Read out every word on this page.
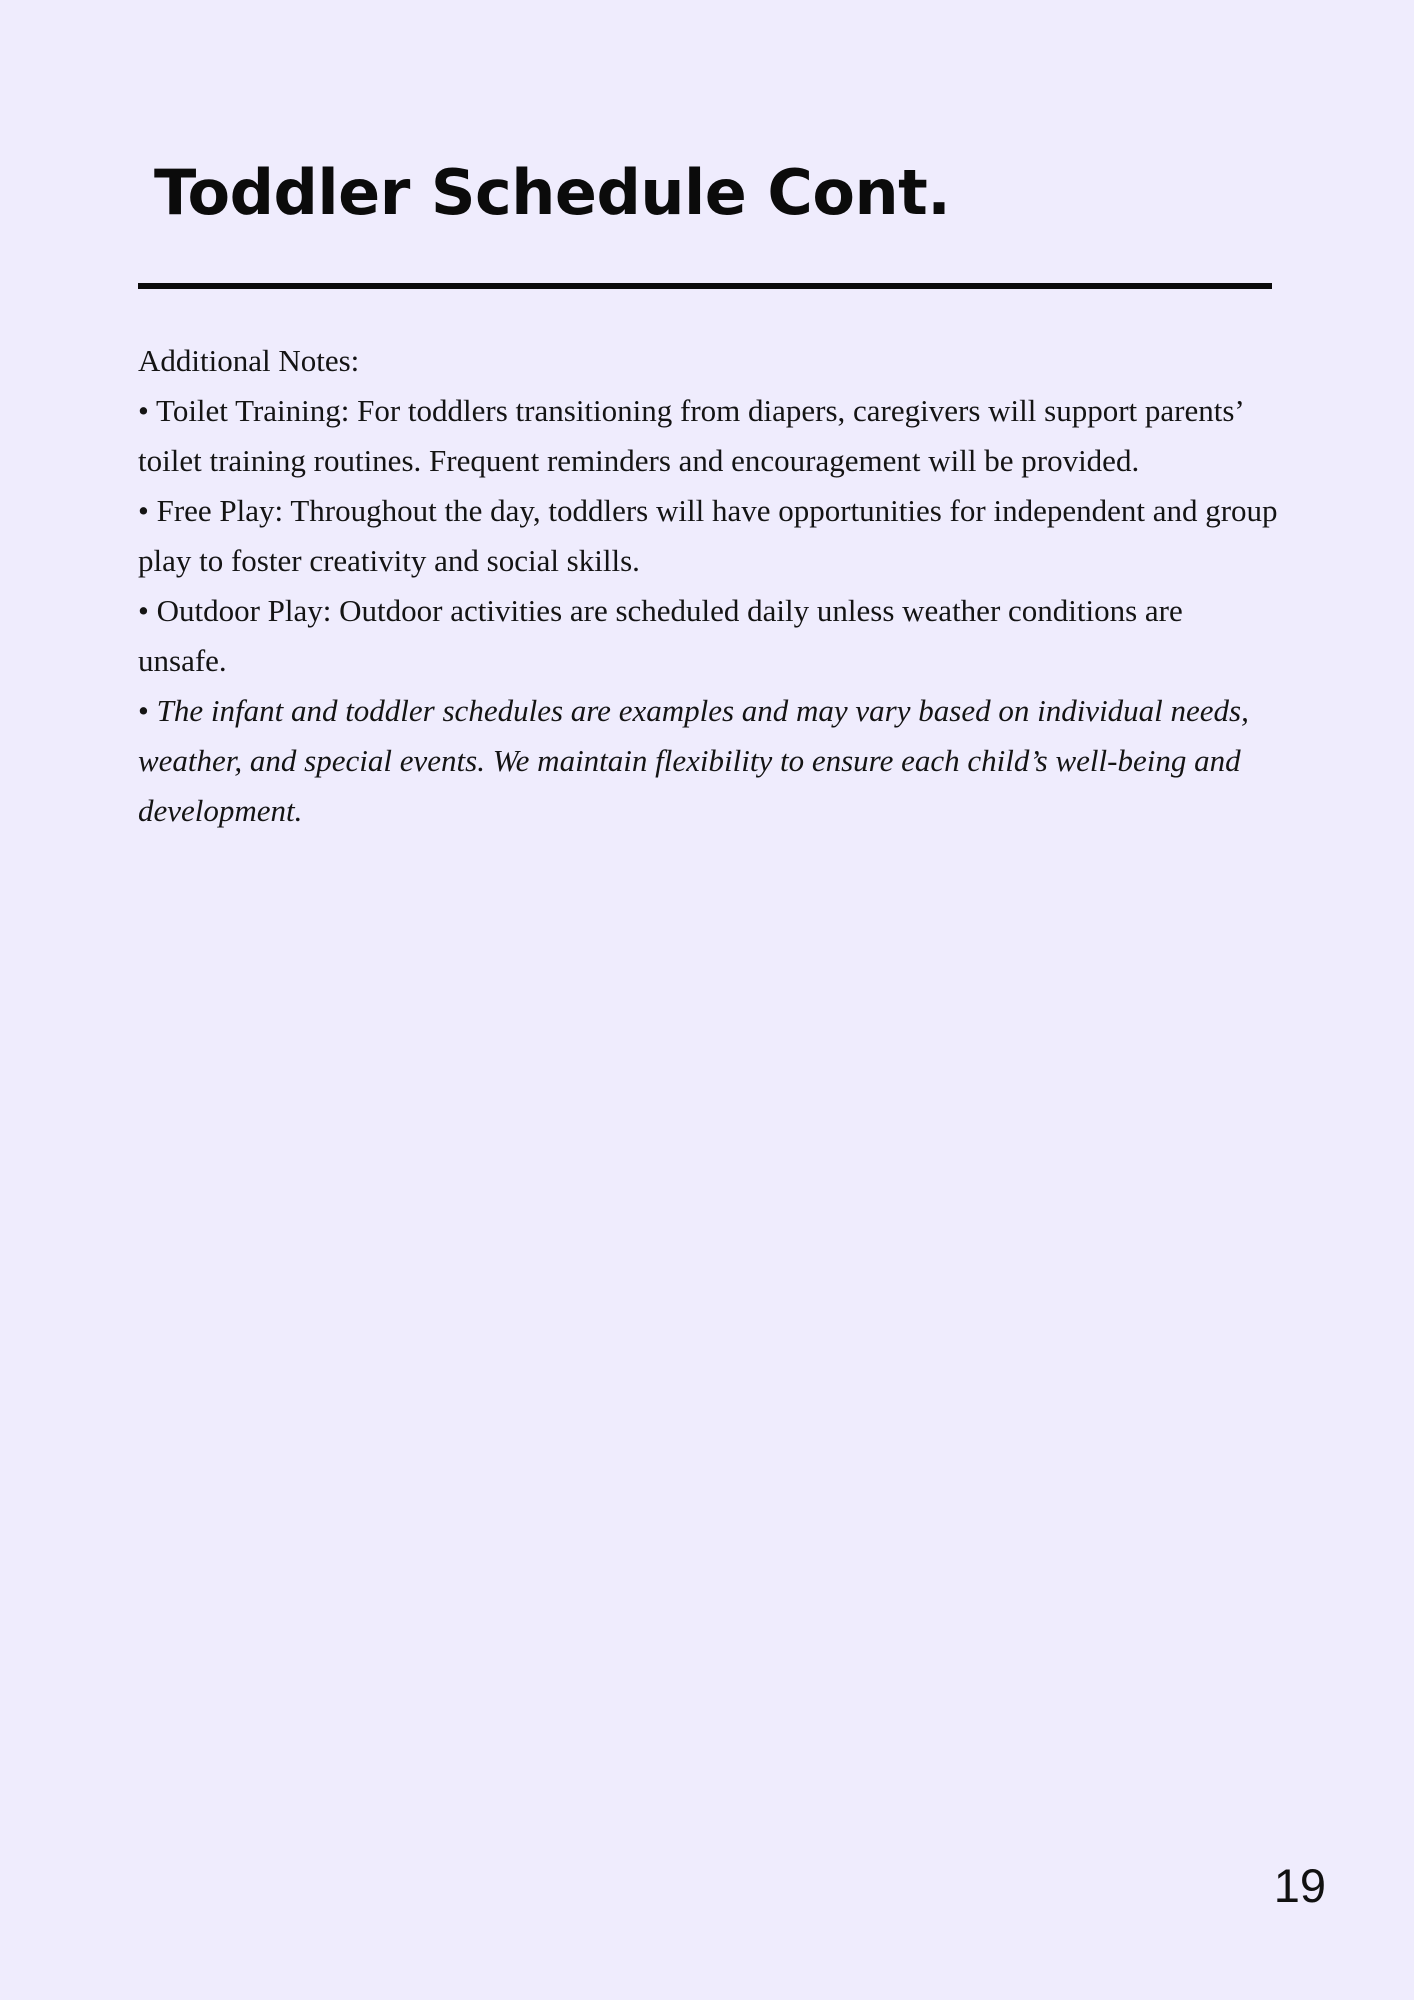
Toddler Schedule Cont.

Additional Notes:

• Toilet Training: For toddlers transitioning from diapers, caregivers will support parents’ toilet training routines. Frequent reminders and encouragement will be provided.

• Free Play: Throughout the day, toddlers will have opportunities for independent and group play to foster creativity and social skills.

• Outdoor Play: Outdoor activities are scheduled daily unless weather conditions are unsafe.

• The infant and toddler schedules are examples and may vary based on individual needs, weather, and special events. We maintain flexibility to ensure each child’s well-being and development.

19
